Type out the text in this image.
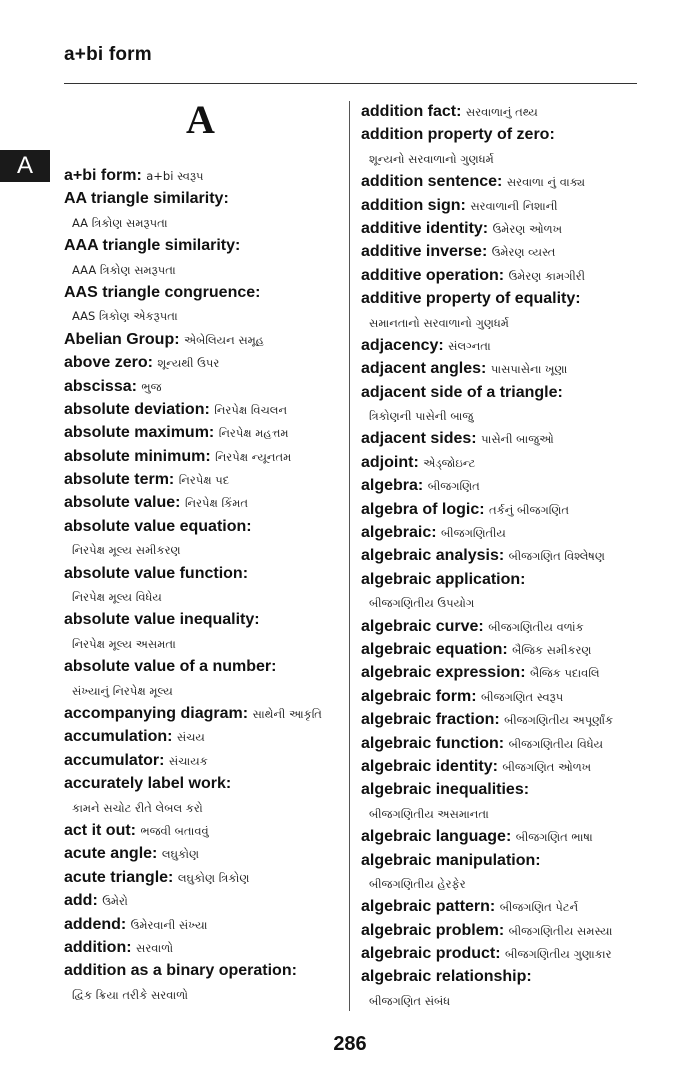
a+bi form
A
A
a+bi form: a+bi સ્વરૂપ
AA triangle similarity:
AA ત્રિકોણ સમરૂપતા
AAA triangle similarity:
AAA ત્રિકોણ સમરૂપતા
AAS triangle congruence:
AAS ત્રિકોણ એકરૂપતા
Abelian Group: એબેલિયન સમૂહ
above zero: શૂન્યથી ઉપર
abscissa: ભુજ
absolute deviation: નિરપેક્ષ વિચલન
absolute maximum: નિરપેક્ષ મહત્તમ
absolute minimum: નિરપેક્ષ ન્યૂનતમ
absolute term: નિરપેક્ષ પદ
absolute value: નિરપેક્ષ કિંમત
absolute value equation:
નિરપેક્ષ મૂલ્ય સમીકરણ
absolute value function:
નિરપેક્ષ મૂલ્ય વિધેય
absolute value inequality:
નિરપેક્ષ મૂલ્ય અસમતા
absolute value of a number:
સંખ્યાનું નિરપેક્ષ મૂલ્ય
accompanying diagram: સાથેની આકૃતિ
accumulation: સંચય
accumulator: સંચાયક
accurately label work:
કામને સચોટ રીતે લેબલ કરો
act it out: ભજવી બતાવવું
acute angle: લઘુકોણ
acute triangle: લઘુકોણ ત્રિકોણ
add: ઉમેરો
addend: ઉમેરવાની સંખ્યા
addition: સરવાળો
addition as a binary operation:
દ્વિક ક્રિયા તરીકે સરવાળો
addition fact: સરવાળાનું તથ્ય
addition property of zero:
શૂન્યનો સરવાળાનો ગુણધર્મ
addition sentence: સરવાળા નું વાક્ય
addition sign: સરવાળાની નિશાની
additive identity: ઉમેરણ ઓળખ
additive inverse: ઉમેરણ વ્યસ્ત
additive operation: ઉમેરણ કામગીરી
additive property of equality:
સમાનતાનો સરવાળાનો ગુણધર્મ
adjacency: સંલગ્નતા
adjacent angles: પાસપાસેના ખૂણા
adjacent side of a triangle:
ત્રિકોણની પાસેની બાજુ
adjacent sides: પાસેની બાજુઓ
adjoint: એડ્જોઇન્ટ
algebra: બીજગણિત
algebra of logic: તર્કનું બીજગણિત
algebraic: બીજગણિતીય
algebraic analysis: બીજગણિત વિશ્લેષણ
algebraic application:
બીજગણિતીય ઉપયોગ
algebraic curve: બીજગણિતીય વળાંક
algebraic equation: બૈજિક સમીકરણ
algebraic expression: બૈજિક પદાવલિ
algebraic form: બીજગણિત સ્વરૂપ
algebraic fraction: બીજગણિતીય અપૂર્ણાંક
algebraic function: બીજગણિતીય વિધેય
algebraic identity: બીજગણિત ઓળખ
algebraic inequalities:
બીજગણિતીય અસમાનતા
algebraic language: બીજગણિત ભાષા
algebraic manipulation:
બીજગણિતીય હેરફેર
algebraic pattern: બીજગણિત પેટર્ન
algebraic problem: બીજગણિતીય સમસ્યા
algebraic product: બીજગણિતીય ગુણાકાર
algebraic relationship:
બીજગણિત સંબંધ
286
